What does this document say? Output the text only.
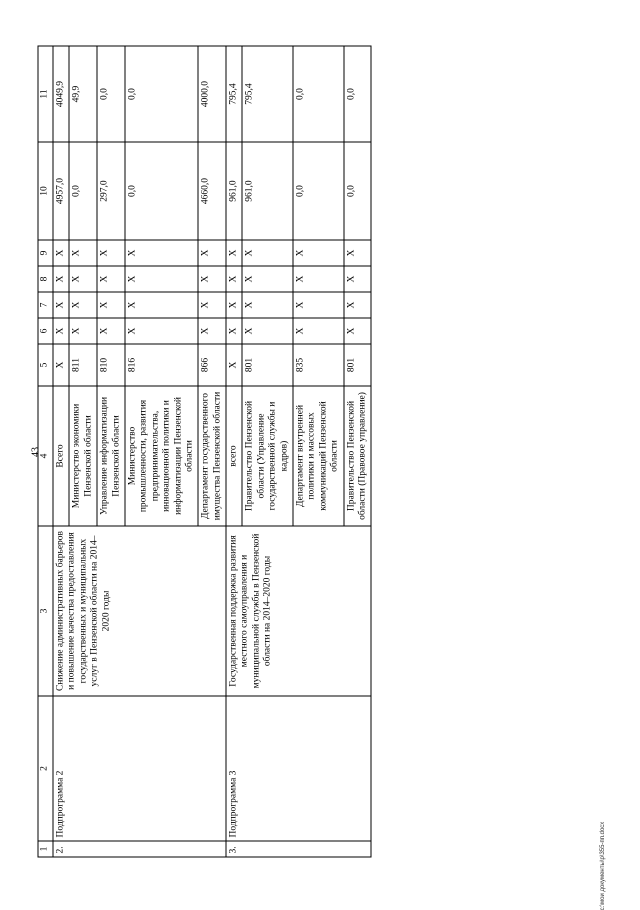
43
1	2	3	4	5	6	7	8	9	10	11
2.	Подпрограмма 2	Снижение административных барьеров и повышение качества предоставления государственных и муниципальных услуг в Пензенской области на 2014–2020 годы	Всего	Х	Х	Х	Х	Х	4957,0	4049,9
			Министерство экономики Пензенской области	811	Х	Х	Х	Х	0,0	49,9
			Управление информатизации Пензенской области	810	Х	Х	Х	Х	297,0	0,0
			Министерство промышленности, развития предпринимательства, инновационной политики и информатизации Пензенской области	816	Х	Х	Х	Х	0,0	0,0
			Департамент государственного имущества Пензенской области	866	Х	Х	Х	Х	4660,0	4000,0
3.	Подпрограмма 3	Государственная поддержка развития местного самоуправления и муниципальной службы в Пензенской области на 2014–2020 годы	всего	Х	Х	Х	Х	Х	961,0	795,4
			Правительство Пензенской области (Управление государственной службы и кадров)	801	Х	Х	Х	Х	961,0	795,4
			Департамент внутренней политики и массовых коммуникаций Пензенской области	835	Х	Х	Х	Х	0,0	0,0
			Правительство Пензенской области (Правовое управление)	801	Х	Х	Х	Х	0,0	0,0
c:\мои документы\р\355-пп.docx
